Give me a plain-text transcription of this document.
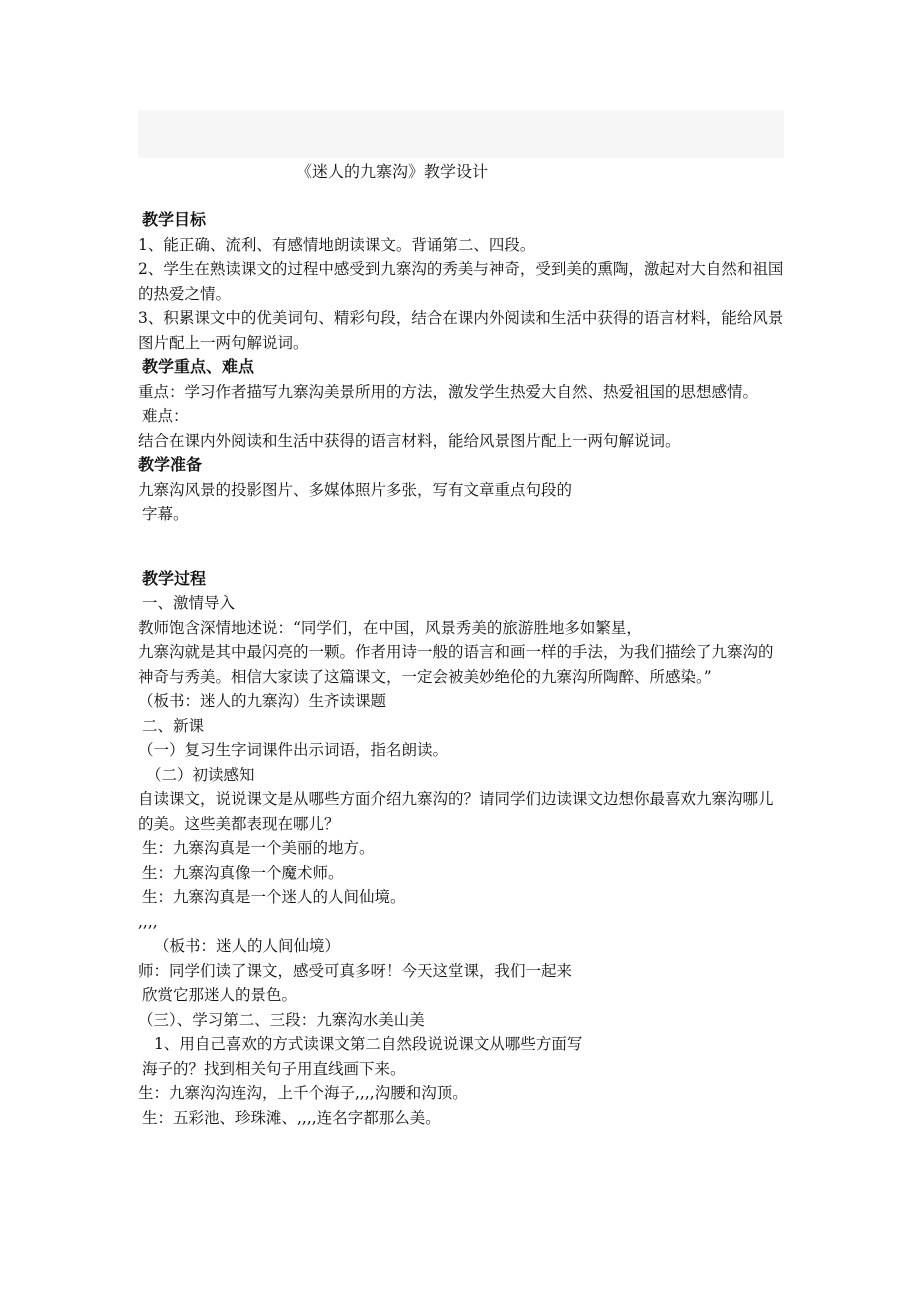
《迷人的九寨沟》教学设计

教学目标

1、能正确、流利、有感情地朗读课文。背诵第二、四段。

2、学生在熟读课文的过程中感受到九寨沟的秀美与神奇，受到美的熏陶，激起对大自然和祖国的热爱之情。

3、积累课文中的优美词句、精彩句段，结合在课内外阅读和生活中获得的语言材料，能给风景图片配上一两句解说词。

教学重点、难点

重点：学习作者描写九寨沟美景所用的方法，激发学生热爱大自然、热爱祖国的思想感情。

难点：

结合在课内外阅读和生活中获得的语言材料，能给风景图片配上一两句解说词。

教学准备

九寨沟风景的投影图片、多媒体照片多张，写有文章重点句段的

字幕。

教学过程

一、激情导入

教师饱含深情地述说：“同学们，在中国，风景秀美的旅游胜地多如繁星，

九寨沟就是其中最闪亮的一颗。作者用诗一般的语言和画一样的手法，为我们描绘了九寨沟的神奇与秀美。相信大家读了这篇课文，一定会被美妙绝伦的九寨沟所陶醉、所感染。”

（板书：迷人的九寨沟）生齐读课题

二、新课

（一）复习生字词课件出示词语，指名朗读。

（二）初读感知

自读课文，说说课文是从哪些方面介绍九寨沟的？请同学们边读课文边想你最喜欢九寨沟哪儿的美。这些美都表现在哪儿？

生：九寨沟真是一个美丽的地方。

生：九寨沟真像一个魔术师。

生：九寨沟真是一个迷人的人间仙境。

,,,,

（板书：迷人的人间仙境）

师：同学们读了课文，感受可真多呀！今天这堂课，我们一起来

欣赏它那迷人的景色。

（三）、学习第二、三段：九寨沟水美山美

1、用自己喜欢的方式读课文第二自然段说说课文从哪些方面写

海子的？找到相关句子用直线画下来。

生：九寨沟沟连沟，上千个海子,,,,沟腰和沟顶。

生：五彩池、珍珠滩、,,,,连名字都那么美。
